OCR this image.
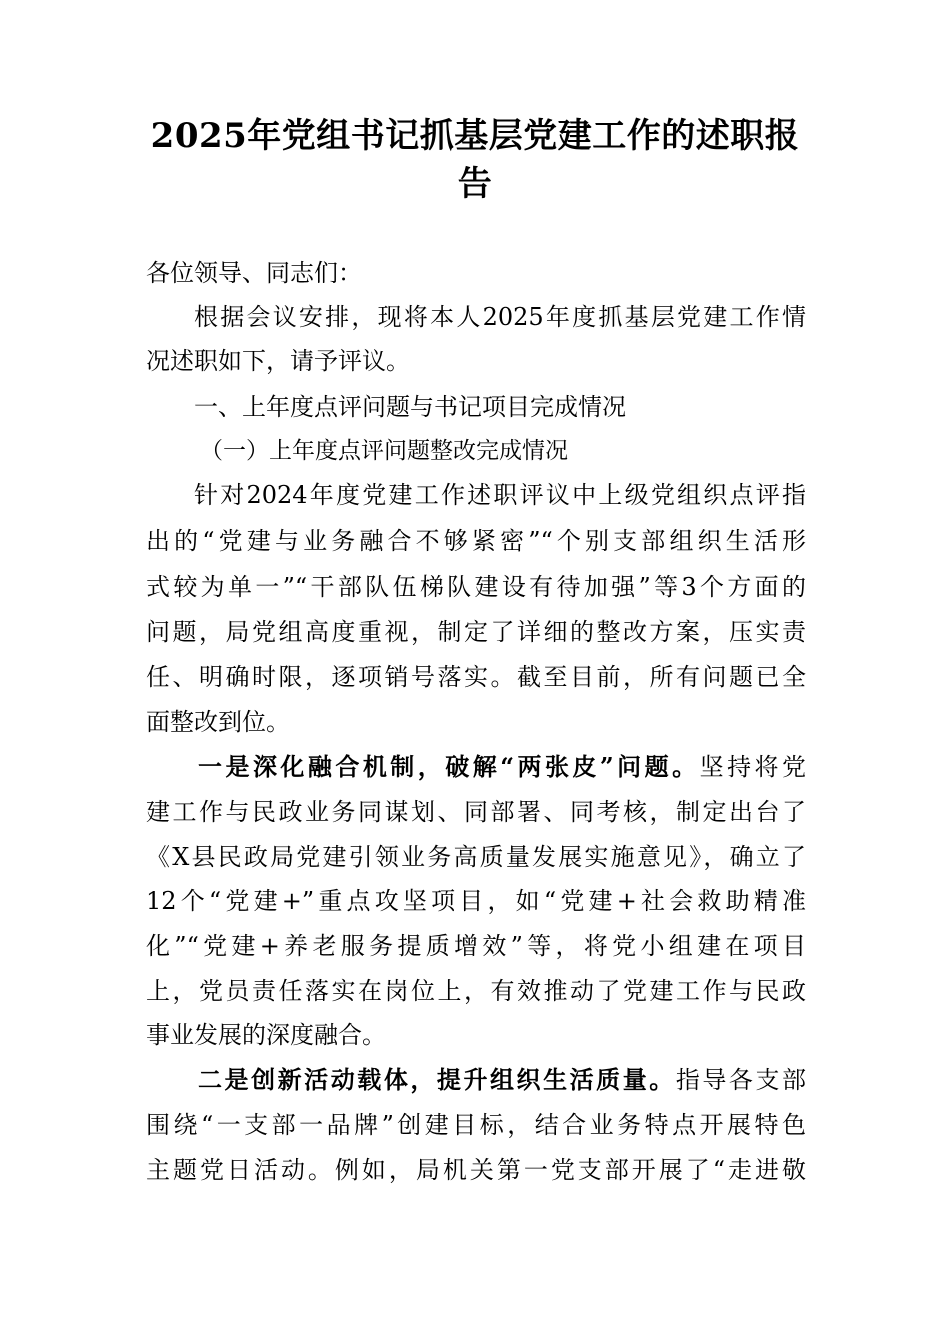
2025年党组书记抓基层党建工作的述职报
告
各位领导、同志们：
根据会议安排，现将本人2025年度抓基层党建工作情
况述职如下，请予评议。
一、上年度点评问题与书记项目完成情况
（一）上年度点评问题整改完成情况
针对2024年度党建工作述职评议中上级党组织点评指
出的“党建与业务融合不够紧密”“个别支部组织生活形
式较为单一”“干部队伍梯队建设有待加强”等3个方面的
问题，局党组高度重视，制定了详细的整改方案，压实责
任、明确时限，逐项销号落实。截至目前，所有问题已全
面整改到位。
一是深化融合机制，破解“两张皮”问题。坚持将党
建工作与民政业务同谋划、同部署、同考核，制定出台了
《X县民政局党建引领业务高质量发展实施意见》，确立了
12个“党建+”重点攻坚项目，如“党建+社会救助精准
化”“党建+养老服务提质增效”等，将党小组建在项目
上，党员责任落实在岗位上，有效推动了党建工作与民政
事业发展的深度融合。
二是创新活动载体，提升组织生活质量。指导各支部
围绕“一支部一品牌”创建目标，结合业务特点开展特色
主题党日活动。例如，局机关第一党支部开展了“走进敬
